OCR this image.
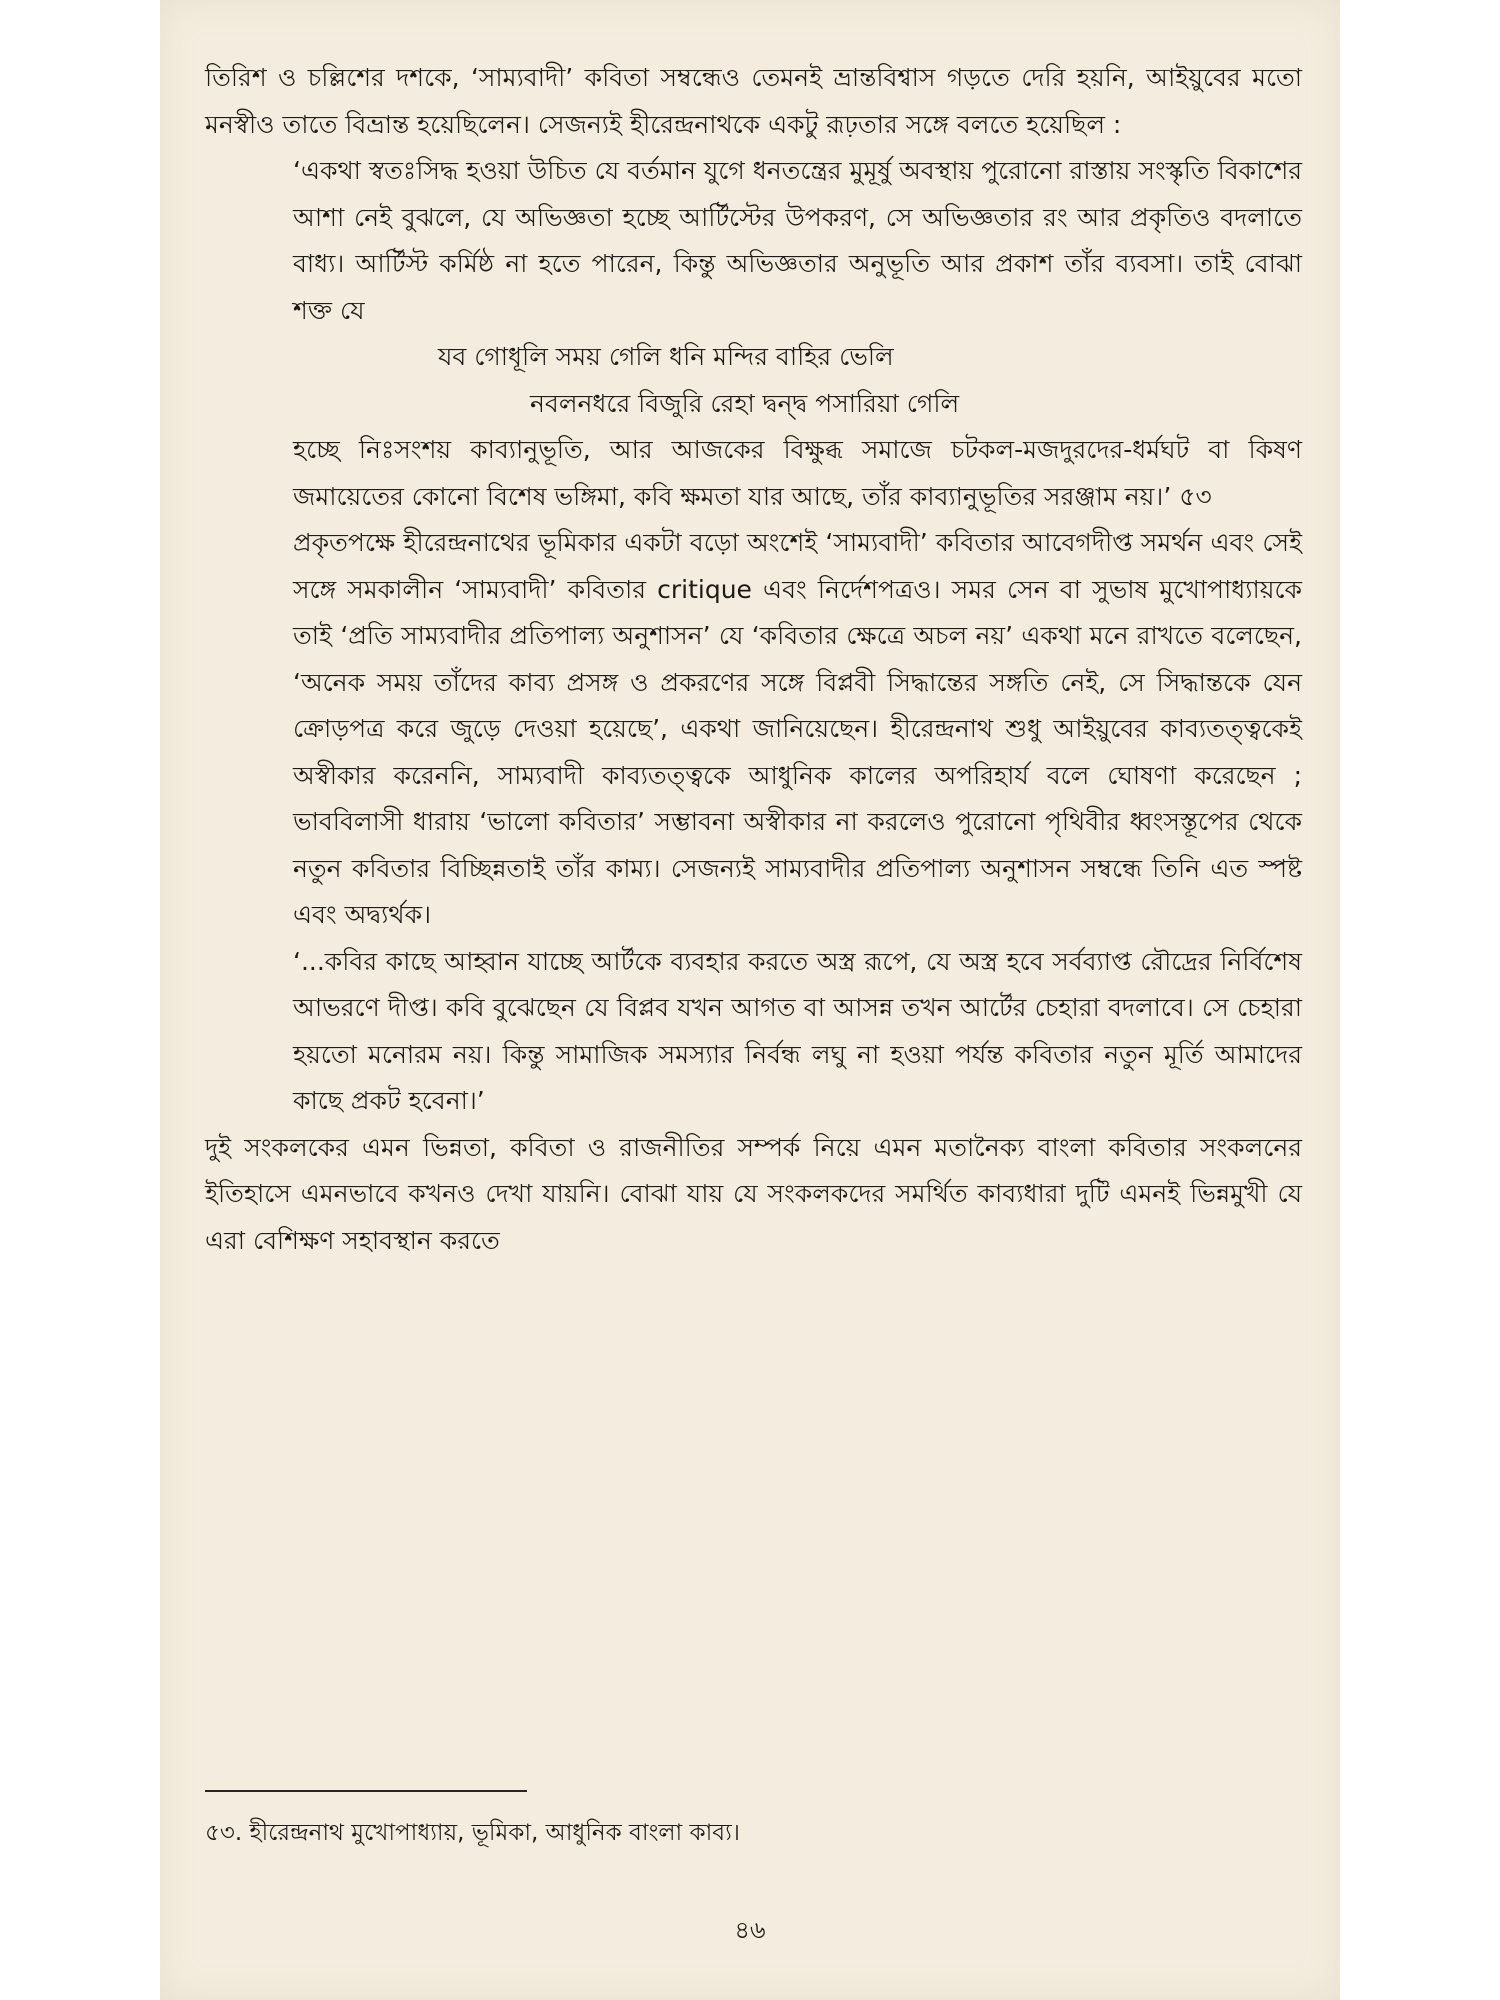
তিরিশ ও চল্লিশের দশকে, ‘সাম্যবাদী’ কবিতা সম্বন্ধেও তেমনই ভ্রান্তবিশ্বাস গড়তে দেরি হয়নি, আইয়ুবের মতো মনস্বীও তাতে বিভ্রান্ত হয়েছিলেন। সেজন্যই হীরেন্দ্রনাথকে একটু রূঢ়তার সঙ্গে বলতে হয়েছিল :

‘একথা স্বতঃসিদ্ধ হওয়া উচিত যে বর্তমান যুগে ধনতন্ত্রের মুমূর্ষু অবস্থায় পুরোনো রাস্তায় সংস্কৃতি বিকাশের আশা নেই বুঝলে, যে অভিজ্ঞতা হচ্ছে আর্টিস্টের উপকরণ, সে অভিজ্ঞতার রং আর প্রকৃতিও বদলাতে বাধ্য। আর্টিস্ট কর্মিষ্ঠ না হতে পারেন, কিন্তু অভিজ্ঞতার অনুভূতি আর প্রকাশ তাঁর ব্যবসা। তাই বোঝা শক্ত যে

যব গোধূলি সময় গেলি ধনি মন্দির বাহির ভেলি

নবলনধরে বিজুরি রেহা দ্বন্দ্ব পসারিয়া গেলি

হচ্ছে নিঃসংশয় কাব্যানুভূতি, আর আজকের বিক্ষুব্ধ সমাজে চটকল-মজদুরদের-ধর্মঘট বা কিষণ জমায়েতের কোনো বিশেষ ভঙ্গিমা, কবি ক্ষমতা যার আছে, তাঁর কাব্যানুভূতির সরঞ্জাম নয়।’ ৫৩

প্রকৃতপক্ষে হীরেন্দ্রনাথের ভূমিকার একটা বড়ো অংশেই ‘সাম্যবাদী’ কবিতার আবেগদীপ্ত সমর্থন এবং সেই সঙ্গে সমকালীন ‘সাম্যবাদী’ কবিতার critique এবং নির্দেশপত্রও। সমর সেন বা সুভাষ মুখোপাধ্যায়কে তাই ‘প্রতি সাম্যবাদীর প্রতিপাল্য অনুশাসন’ যে ‘কবিতার ক্ষেত্রে অচল নয়’ একথা মনে রাখতে বলেছেন, ‘অনেক সময় তাঁদের কাব্য প্রসঙ্গ ও প্রকরণের সঙ্গে বিপ্লবী সিদ্ধান্তের সঙ্গতি নেই, সে সিদ্ধান্তকে যেন ক্রোড়পত্র করে জুড়ে দেওয়া হয়েছে’, একথা জানিয়েছেন। হীরেন্দ্রনাথ শুধু আইয়ুবের কাব্যতত্ত্বকেই অস্বীকার করেননি, সাম্যবাদী কাব্যতত্ত্বকে আধুনিক কালের অপরিহার্য বলে ঘোষণা করেছেন ; ভাববিলাসী ধারায় ‘ভালো কবিতার’ সম্ভাবনা অস্বীকার না করলেও পুরোনো পৃথিবীর ধ্বংসস্তূপের থেকে নতুন কবিতার বিচ্ছিন্নতাই তাঁর কাম্য। সেজন্যই সাম্যবাদীর প্রতিপাল্য অনুশাসন সম্বন্ধে তিনি এত স্পষ্ট এবং অদ্ব্যর্থক।

‘...কবির কাছে আহ্বান যাচ্ছে আর্টকে ব্যবহার করতে অস্ত্র রূপে, যে অস্ত্র হবে সর্বব্যাপ্ত রৌদ্রের নির্বিশেষ আভরণে দীপ্ত। কবি বুঝেছেন যে বিপ্লব যখন আগত বা আসন্ন তখন আর্টের চেহারা বদলাবে। সে চেহারা হয়তো মনোরম নয়। কিন্তু সামাজিক সমস্যার নির্বন্ধ লঘু না হওয়া পর্যন্ত কবিতার নতুন মূর্তি আমাদের কাছে প্রকট হবেনা।’

দুই সংকলকের এমন ভিন্নতা, কবিতা ও রাজনীতির সম্পর্ক নিয়ে এমন মতানৈক্য বাংলা কবিতার সংকলনের ইতিহাসে এমনভাবে কখনও দেখা যায়নি। বোঝা যায় যে সংকলকদের সমর্থিত কাব্যধারা দুটি এমনই ভিন্নমুখী যে এরা বেশিক্ষণ সহাবস্থান করতে

৫৩. হীরেন্দ্রনাথ মুখোপাধ্যায়, ভূমিকা, আধুনিক বাংলা কাব্য।
৪৬
